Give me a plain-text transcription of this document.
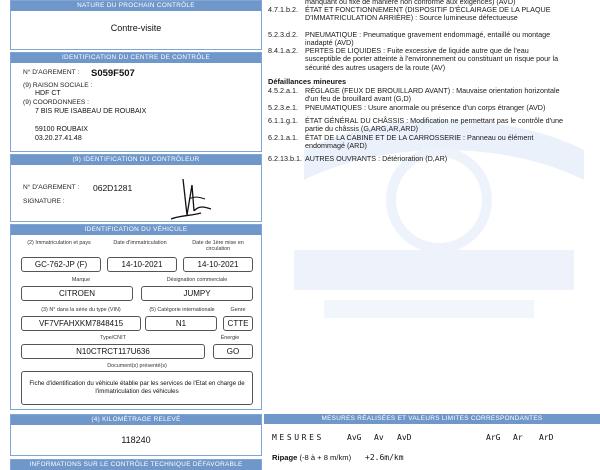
NATURE DU PROCHAIN CONTRÔLE
Contre-visite
IDENTIFICATION DU CENTRE DE CONTRÔLE
N° D'AGREMENT : S059F507
(9) RAISON SOCIALE :
HDF CT
(9) COORDONNEES :
7 BIS RUE ISABEAU DE ROUBAIX
59100 ROUBAIX
03.20.27.41.48
(9) IDENTIFICATION DU CONTRÔLEUR
N° D'AGREMENT : 062D1281
SIGNATURE :
IDENTIFICATION DU VÉHICULE
(2) Immatriculation et pays	Date d'immatriculation	Date de 1ère mise en circulation
GC-762-JP (F)	14-10-2021	14-10-2021
Marque	Désignation commerciale
CITROEN	JUMPY
(3) N° dans la série du type (VIN)	(5) Catégorie internationale	Genre
VF7VFAHXKM7848415	N1	CTTE
Type/CNIT	Énergie
N10CTRCT117U636	GO
Document(s) présenté(s)
Fiche d'identification du véhicule établie par les services de l'Etat en charge de l'immatriculation des véhicules
(4) KILOMÉTRAGE RELEVÉ
118240
INFORMATIONS SUR LE CONTRÔLE TECHNIQUE DÉFAVORABLE
manquant ou fixé de manière non conforme aux exigences) (AVD)
4.7.1.b.2. ÉTAT ET FONCTIONNEMENT (DISPOSITIF D'ÉCLAIRAGE DE LA PLAQUE D'IMMATRICULATION ARRIÈRE) : Source lumineuse défectueuse
5.2.3.d.2. PNEUMATIQUE : Pneumatique gravement endommagé, entaillé ou montage inadapté (AVD)
8.4.1.a.2. PERTES DE LIQUIDES : Fuite excessive de liquide autre que de l'eau susceptible de porter atteinte à l'environnement ou constituant un risque pour la sécurité des autres usagers de la route (AV)
Défaillances mineures
4.5.2.a.1. RÉGLAGE (FEUX DE BROUILLARD AVANT) : Mauvaise orientation horizontale d'un feu de brouillard avant (G,D)
5.2.3.e.1. PNEUMATIQUES : Usure anormale ou présence d'un corps étranger (AVD)
6.1.1.g.1. ÉTAT GÉNÉRAL DU CHÂSSIS : Modification ne permettant pas le contrôle d'une partie du châssis (G,ARG,AR,ARD)
6.2.1.a.1. ÉTAT DE LA CABINE ET DE LA CARROSSERIE : Panneau ou élément endommagé (ARD)
6.2.13.b.1. AUTRES OUVRANTS : Détérioration (D,AR)
MESURES RÉALISÉES ET VALEURS LIMITES CORRESPONDANTES
MESURES	AvG Av AvD	ArG Ar ArD
Ripage (-8 à + 8 m/km) +2.6m/km
